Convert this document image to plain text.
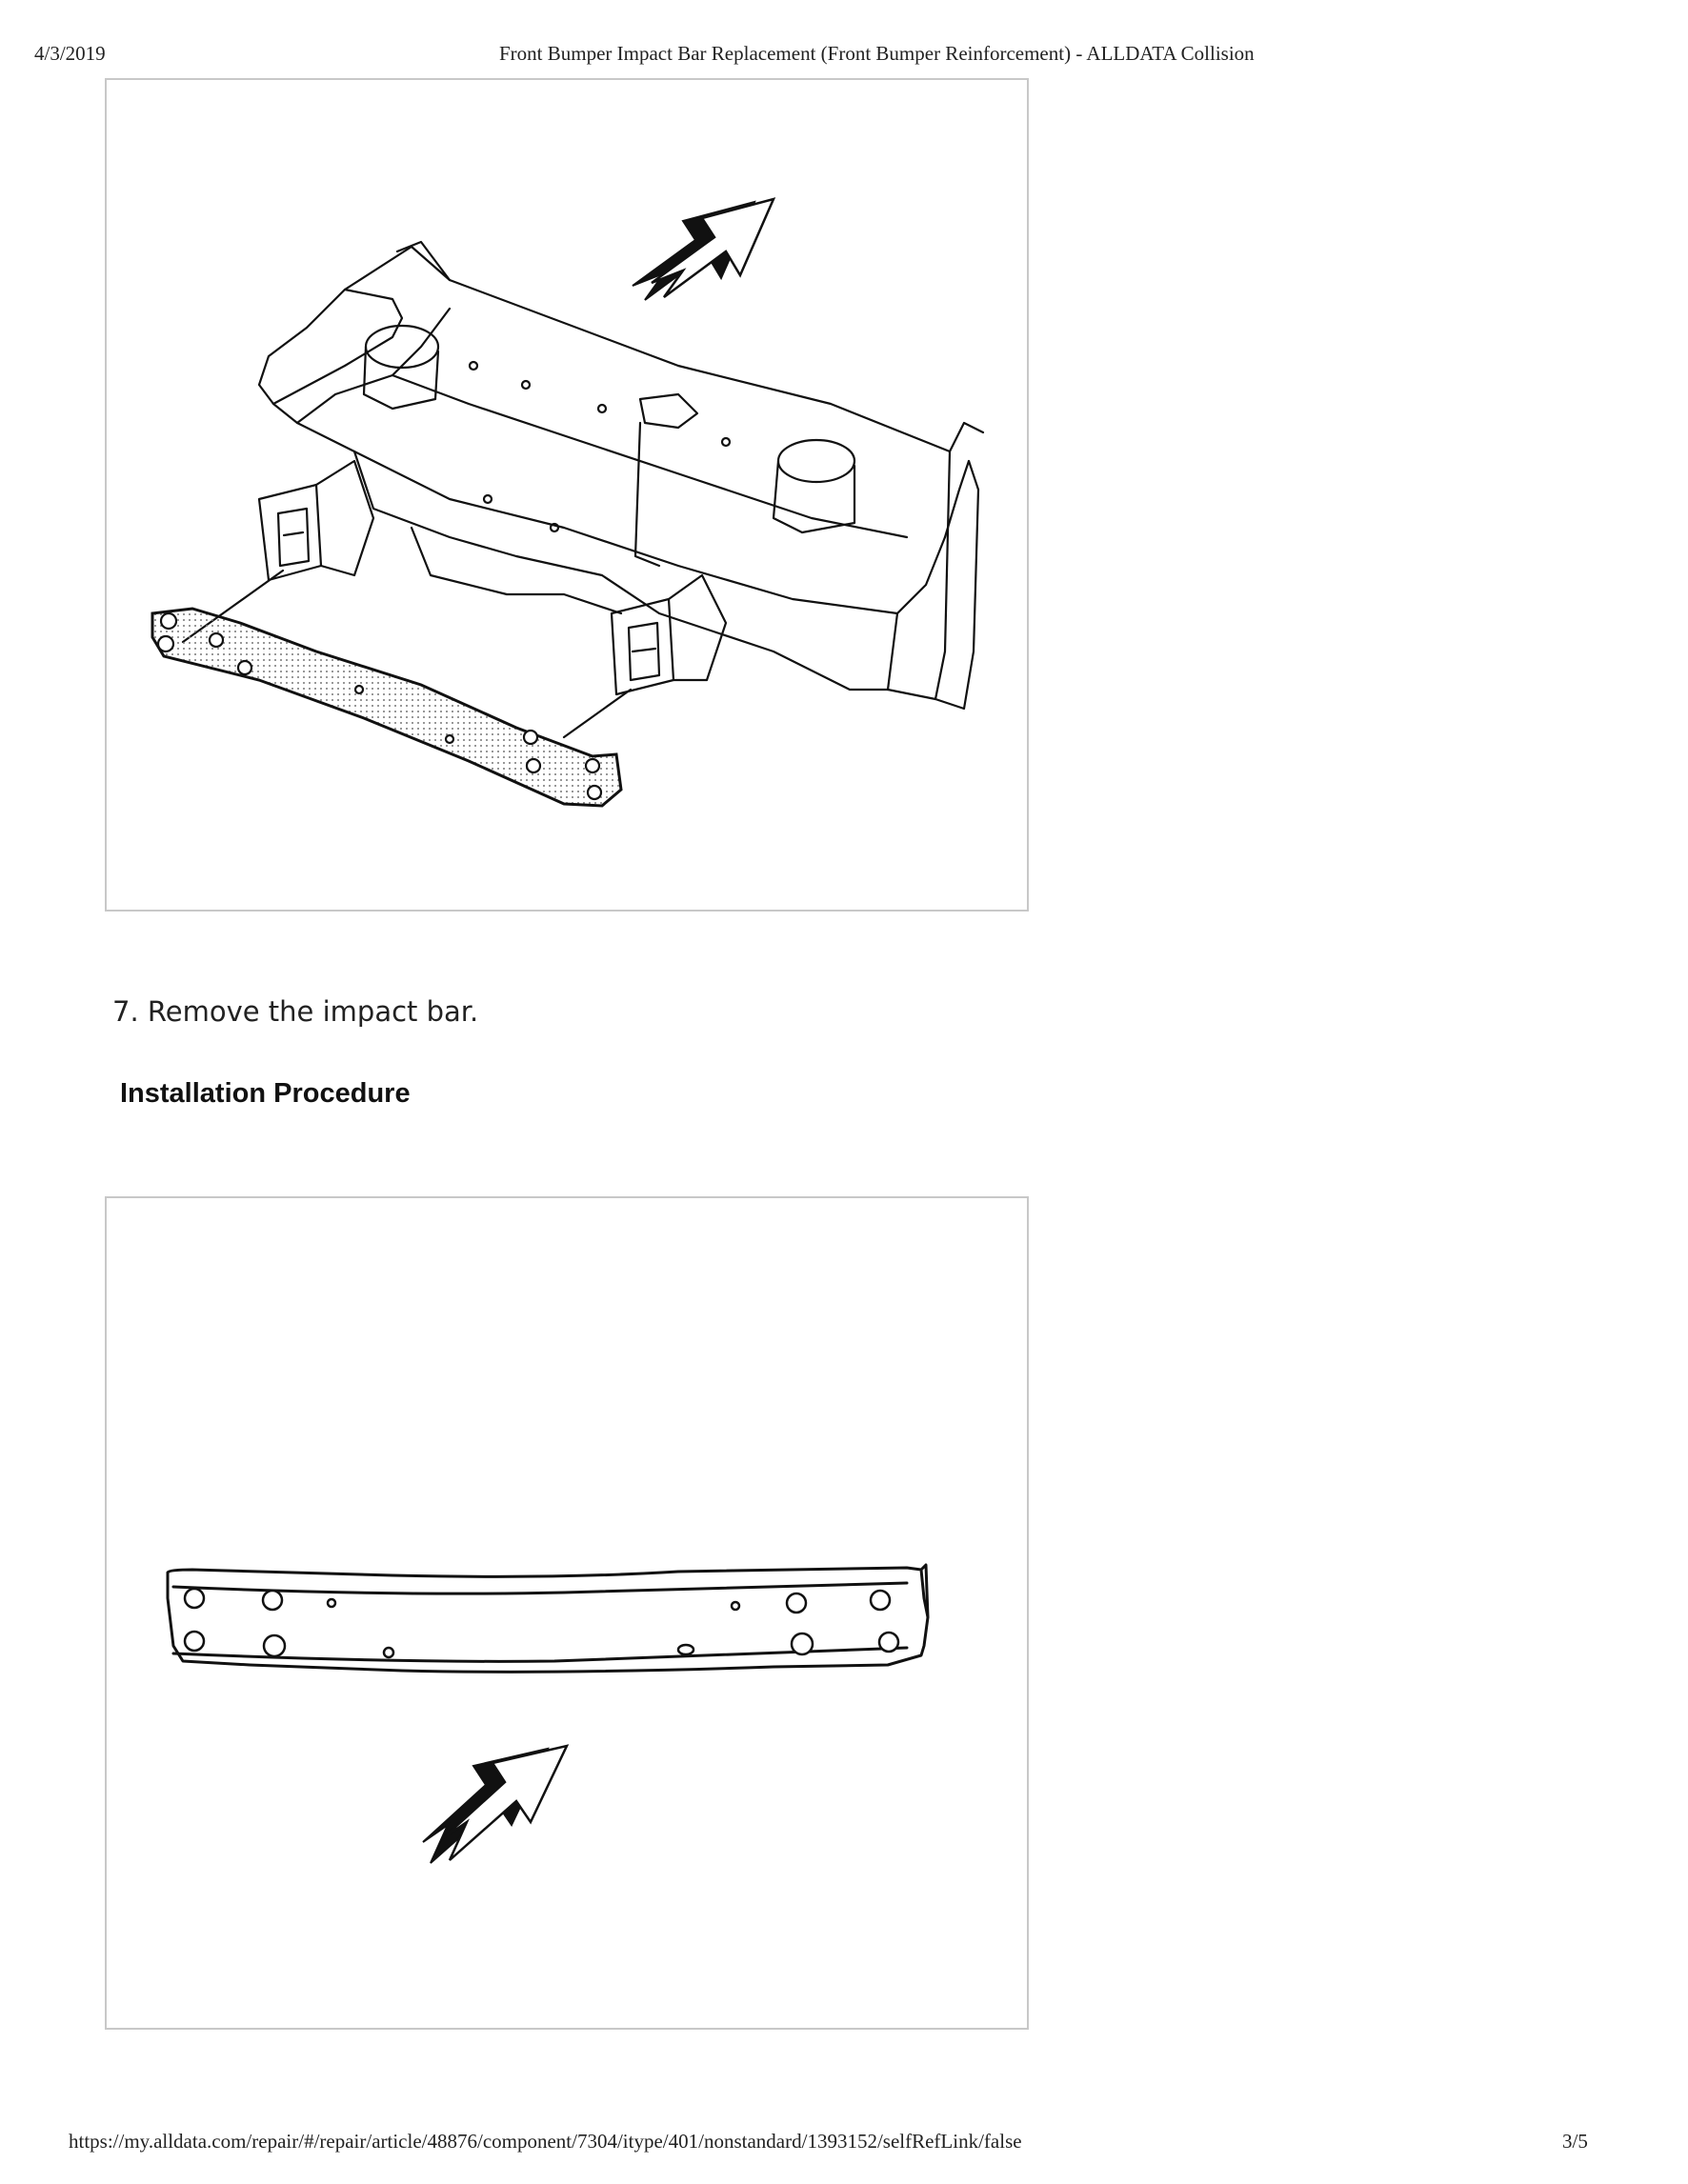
4/3/2019	Front Bumper Impact Bar Replacement (Front Bumper Reinforcement) - ALLDATA Collision
7. Remove the impact bar.
Installation Procedure
https://my.alldata.com/repair/#/repair/article/48876/component/7304/itype/401/nonstandard/1393152/selfRefLink/false	3/5
